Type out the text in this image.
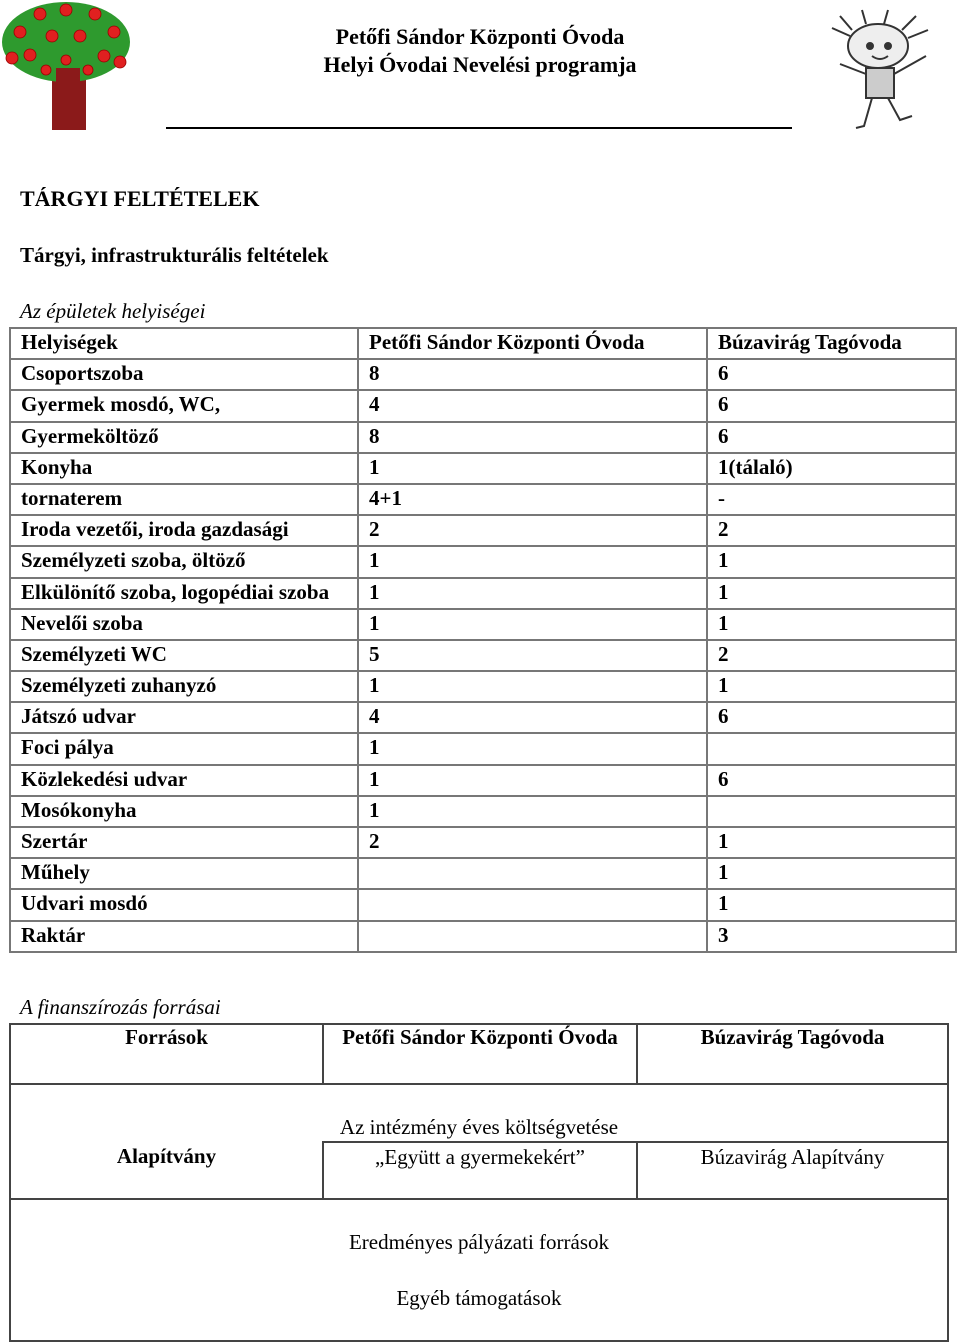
Petőfi Sándor Központi Óvoda
Helyi Óvodai Nevelési programja
TÁRGYI FELTÉTELEK
Tárgyi, infrastrukturális feltételek
Az épületek helyiségei
Helyiségek	Petőfi Sándor Központi Óvoda	Búzavirág Tagóvoda
Csoportszoba	8	6
Gyermek mosdó, WC,	4	6
Gyermeköltöző	8	6
Konyha	1	1(tálaló)
tornaterem	4+1	-
Iroda vezetői, iroda gazdasági	2	2
Személyzeti szoba, öltöző	1	1
Elkülönítő szoba, logopédiai szoba	1	1
Nevelői szoba	1	1
Személyzeti WC	5	2
Személyzeti zuhanyzó	1	1
Játszó udvar	4	6
Foci pálya	1	
Közlekedési udvar	1	6
Mosókonyha	1	
Szertár	2	1
Műhely		1
Udvari mosdó		1
Raktár		3
A finanszírozás forrásai
Források	Petőfi Sándor Központi Óvoda	Búzavirág Tagóvoda
Az intézmény éves költségvetése		
Alapítvány	„Együtt a gyermekekért”	Búzavirág Alapítvány

Eredményes pályázati források
Egyéb támogatások		
